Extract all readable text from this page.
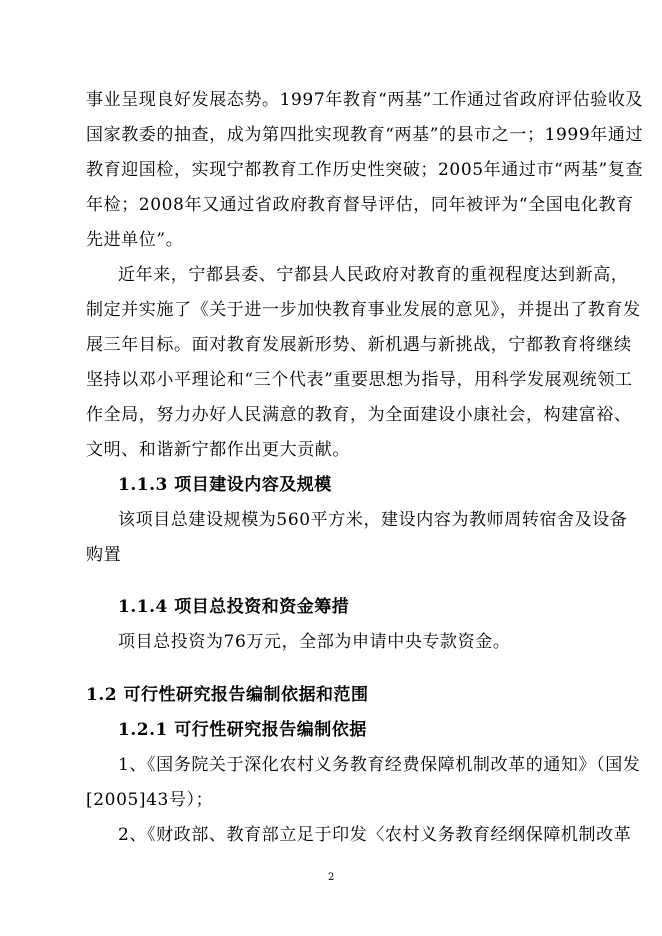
事业呈现良好发展态势。1997年教育“两基”工作通过省政府评估验收及
国家教委的抽查，成为第四批实现教育“两基”的县市之一；1999年通过
教育迎国检，实现宁都教育工作历史性突破；2005年通过市“两基”复查
年检；2008年又通过省政府教育督导评估，同年被评为“全国电化教育
先进单位”。
近年来，宁都县委、宁都县人民政府对教育的重视程度达到新高，
制定并实施了《关于进一步加快教育事业发展的意见》，并提出了教育发
展三年目标。面对教育发展新形势、新机遇与新挑战，宁都教育将继续
坚持以邓小平理论和“三个代表”重要思想为指导，用科学发展观统领工
作全局，努力办好人民满意的教育，为全面建设小康社会，构建富裕、
文明、和谐新宁都作出更大贡献。
1.1.3 项目建设内容及规模
该项目总建设规模为560平方米，建设内容为教师周转宿舍及设备
购置
1.1.4 项目总投资和资金筹措
项目总投资为76万元，全部为申请中央专款资金。
1.2 可行性研究报告编制依据和范围
1.2.1 可行性研究报告编制依据
1、《国务院关于深化农村义务教育经费保障机制改革的通知》（国发
[2005]43号）；
2、《财政部、教育部立足于印发〈农村义务教育经纲保障机制改革
2
